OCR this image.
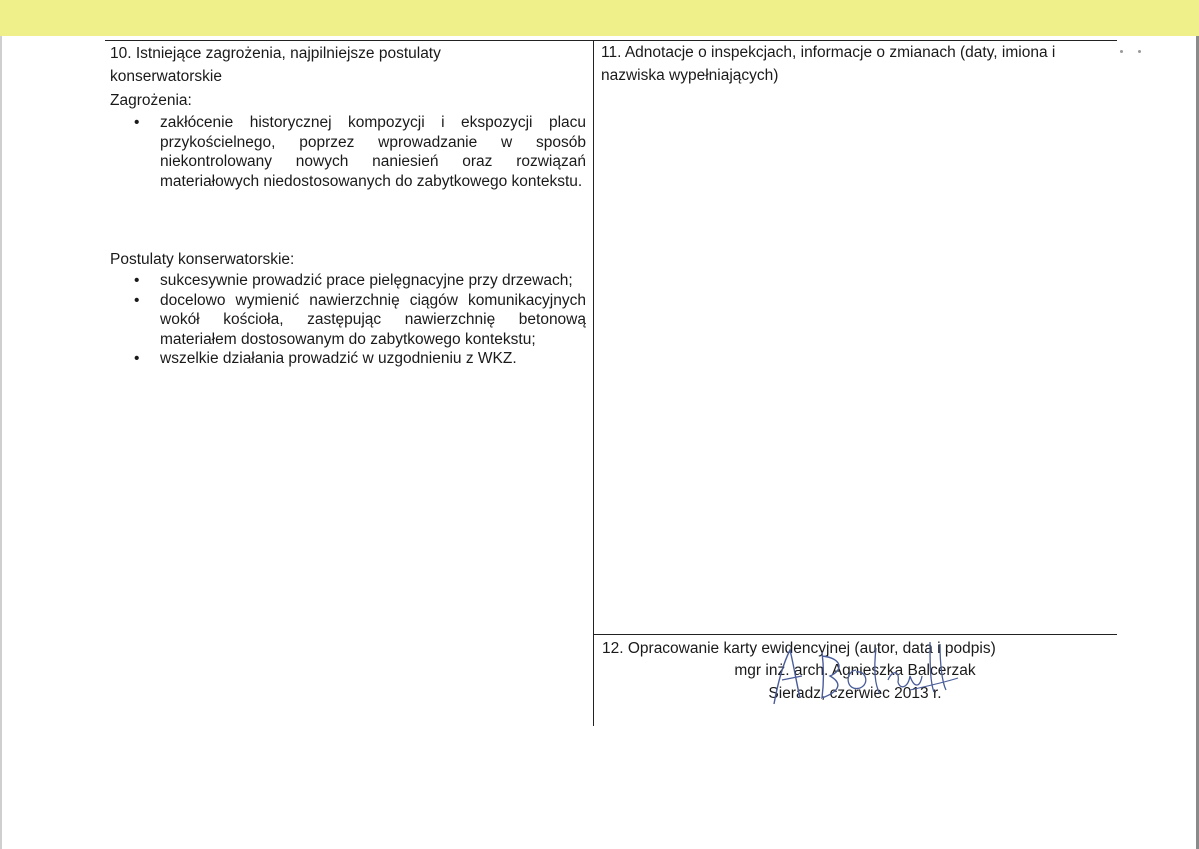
10. Istniejące zagrożenia, najpilniejsze postulaty
konserwatorskie
Zagrożenia:
• zakłócenie historycznej kompozycji i ekspozycji placu przykościelnego, poprzez wprowadzanie w sposób niekontrolowany nowych naniesień oraz rozwiązań materiałowych niedostosowanych do zabytkowego kontekstu.
Postulaty konserwatorskie:
• sukcesywnie prowadzić prace pielęgnacyjne przy drzewach;
• docelowo wymienić nawierzchnię ciągów komunikacyjnych wokół kościoła, zastępując nawierzchnię betonową materiałem dostosowanym do zabytkowego kontekstu;
• wszelkie działania prowadzić w uzgodnieniu z WKZ.
11. Adnotacje o inspekcjach, informacje o zmianach (daty, imiona i
nazwiska wypełniających)
12. Opracowanie karty ewidencyjnej (autor, data i podpis)
mgr inż. arch. Agnieszka Balcerzak
Sieradz, czerwiec 2013 r.
